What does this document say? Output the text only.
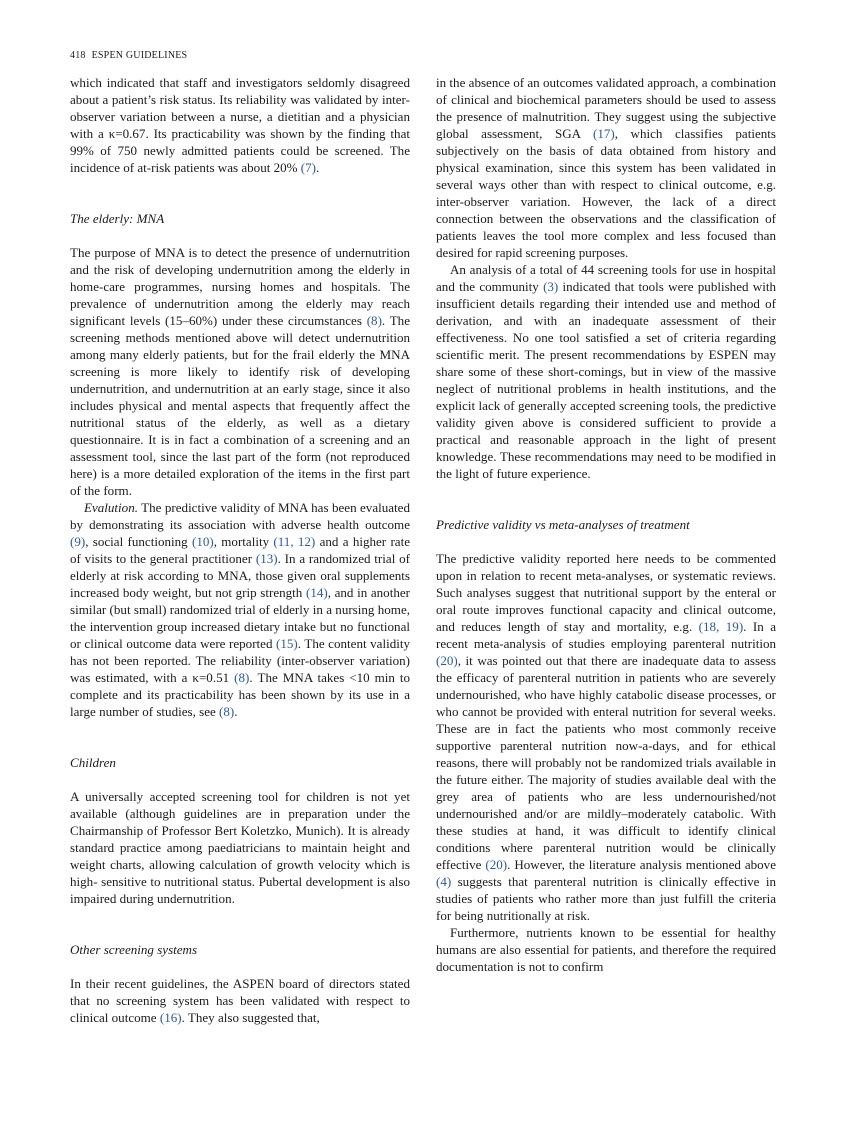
418 ESPEN GUIDELINES

which indicated that staff and investigators seldomly disagreed about a patient’s risk status. Its reliability was validated by inter-observer variation between a nurse, a dietitian and a physician with a κ=0.67. Its practicability was shown by the finding that 99% of 750 newly admitted patients could be screened. The incidence of at-risk patients was about 20% (7).

The elderly: MNA

The purpose of MNA is to detect the presence of undernutrition and the risk of developing undernutrition among the elderly in home-care programmes, nursing homes and hospitals. The prevalence of undernutrition among the elderly may reach significant levels (15–60%) under these circumstances (8). The screening methods mentioned above will detect undernutrition among many elderly patients, but for the frail elderly the MNA screening is more likely to identify risk of developing undernutrition, and undernutrition at an early stage, since it also includes physical and mental aspects that frequently affect the nutritional status of the elderly, as well as a dietary questionnaire. It is in fact a combination of a screening and an assessment tool, since the last part of the form (not reproduced here) is a more detailed exploration of the items in the first part of the form.

Evalution. The predictive validity of MNA has been evaluated by demonstrating its association with adverse health outcome (9), social functioning (10), mortality (11, 12) and a higher rate of visits to the general practitioner (13). In a randomized trial of elderly at risk according to MNA, those given oral supplements increased body weight, but not grip strength (14), and in another similar (but small) randomized trial of elderly in a nursing home, the intervention group increased dietary intake but no functional or clinical outcome data were reported (15). The content validity has not been reported. The reliability (inter-observer variation) was estimated, with a κ=0.51 (8). The MNA takes <10 min to complete and its practicability has been shown by its use in a large number of studies, see (8).

Children

A universally accepted screening tool for children is not yet available (although guidelines are in preparation under the Chairmanship of Professor Bert Koletzko, Munich). It is already standard practice among paediatricians to maintain height and weight charts, allowing calculation of growth velocity which is high- sensitive to nutritional status. Pubertal development is also impaired during undernutrition.

Other screening systems

In their recent guidelines, the ASPEN board of directors stated that no screening system has been validated with respect to clinical outcome (16). They also suggested that,

in the absence of an outcomes validated approach, a combination of clinical and biochemical parameters should be used to assess the presence of malnutrition. They suggest using the subjective global assessment, SGA (17), which classifies patients subjectively on the basis of data obtained from history and physical examination, since this system has been validated in several ways other than with respect to clinical outcome, e.g. inter-observer variation. However, the lack of a direct connection between the observations and the classification of patients leaves the tool more complex and less focused than desired for rapid screening purposes.

An analysis of a total of 44 screening tools for use in hospital and the community (3) indicated that tools were published with insufficient details regarding their intended use and method of derivation, and with an inadequate assessment of their effectiveness. No one tool satisfied a set of criteria regarding scientific merit. The present recommendations by ESPEN may share some of these short-comings, but in view of the massive neglect of nutritional problems in health institutions, and the explicit lack of generally accepted screening tools, the predictive validity given above is considered sufficient to provide a practical and reasonable approach in the light of present knowledge. These recommendations may need to be modified in the light of future experience.

Predictive validity vs meta-analyses of treatment

The predictive validity reported here needs to be commented upon in relation to recent meta-analyses, or systematic reviews. Such analyses suggest that nutritional support by the enteral or oral route improves functional capacity and clinical outcome, and reduces length of stay and mortality, e.g. (18, 19). In a recent meta-analysis of studies employing parenteral nutrition (20), it was pointed out that there are inadequate data to assess the efficacy of parenteral nutrition in patients who are severely undernourished, who have highly catabolic disease processes, or who cannot be provided with enteral nutrition for several weeks. These are in fact the patients who most commonly receive supportive parenteral nutrition now-a-days, and for ethical reasons, there will probably not be randomized trials available in the future either. The majority of studies available deal with the grey area of patients who are less undernourished/not undernourished and/or are mildly–moderately catabolic. With these studies at hand, it was difficult to identify clinical conditions where parenteral nutrition would be clinically effective (20). However, the literature analysis mentioned above (4) suggests that parenteral nutrition is clinically effective in studies of patients who rather more than just fulfill the criteria for being nutritionally at risk.

Furthermore, nutrients known to be essential for healthy humans are also essential for patients, and therefore the required documentation is not to confirm
